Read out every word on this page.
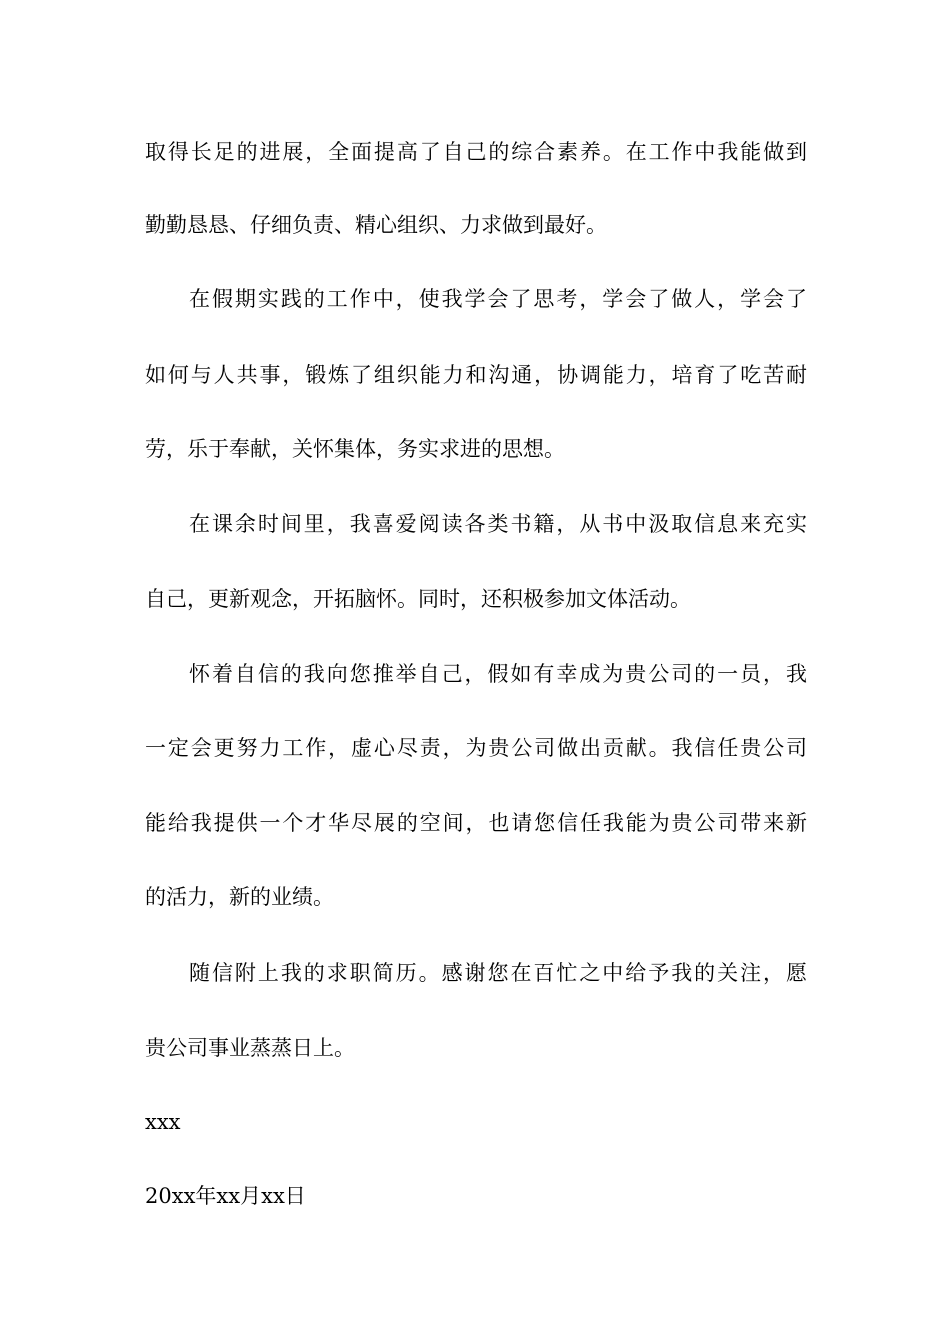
取得长足的进展，全面提高了自己的综合素养。在工作中我能做到
勤勤恳恳、仔细负责、精心组织、力求做到最好。
在假期实践的工作中，使我学会了思考，学会了做人，学会了
如何与人共事，锻炼了组织能力和沟通，协调能力，培育了吃苦耐
劳，乐于奉献，关怀集体，务实求进的思想。
在课余时间里，我喜爱阅读各类书籍，从书中汲取信息来充实
自己，更新观念，开拓脑怀。同时，还积极参加文体活动。
怀着自信的我向您推举自己，假如有幸成为贵公司的一员，我
一定会更努力工作，虚心尽责，为贵公司做出贡献。我信任贵公司
能给我提供一个才华尽展的空间，也请您信任我能为贵公司带来新
的活力，新的业绩。
随信附上我的求职简历。感谢您在百忙之中给予我的关注，愿
贵公司事业蒸蒸日上。
xxx
20xx年xx月xx日
